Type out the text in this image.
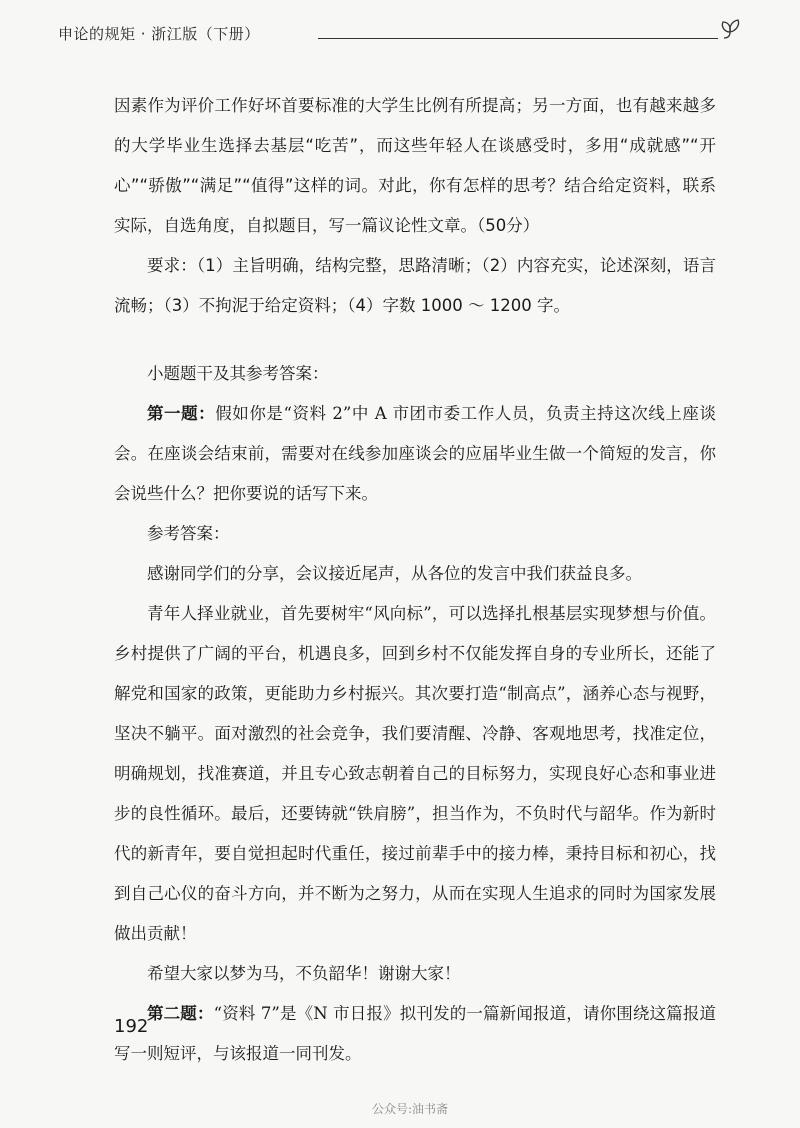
申论的规矩 · 浙江版（下册）

因素作为评价工作好坏首要标准的大学生比例有所提高；另一方面，也有越来越多的大学毕业生选择去基层“吃苦”，而这些年轻人在谈感受时，多用“成就感”“开心”“骄傲”“满足”“值得”这样的词。对此，你有怎样的思考？结合给定资料，联系实际，自选角度，自拟题目，写一篇议论性文章。（50分）

要求：（1）主旨明确，结构完整，思路清晰；（2）内容充实，论述深刻，语言流畅；（3）不拘泥于给定资料；（4）字数 1000 ～ 1200 字。

小题题干及其参考答案：

第一题：假如你是“资料 2”中 A 市团市委工作人员，负责主持这次线上座谈会。在座谈会结束前，需要对在线参加座谈会的应届毕业生做一个简短的发言，你会说些什么？把你要说的话写下来。

参考答案：

感谢同学们的分享，会议接近尾声，从各位的发言中我们获益良多。

青年人择业就业，首先要树牢“风向标”，可以选择扎根基层实现梦想与价值。乡村提供了广阔的平台，机遇良多，回到乡村不仅能发挥自身的专业所长，还能了解党和国家的政策，更能助力乡村振兴。其次要打造“制高点”，涵养心态与视野，坚决不躺平。面对激烈的社会竞争，我们要清醒、冷静、客观地思考，找准定位，明确规划，找准赛道，并且专心致志朝着自己的目标努力，实现良好心态和事业进步的良性循环。最后，还要铸就“铁肩膀”，担当作为，不负时代与韶华。作为新时代的新青年，要自觉担起时代重任，接过前辈手中的接力棒，秉持目标和初心，找到自己心仪的奋斗方向，并不断为之努力，从而在实现人生追求的同时为国家发展做出贡献！

希望大家以梦为马，不负韶华！谢谢大家！

第二题：“资料 7”是《N 市日报》拟刊发的一篇新闻报道，请你围绕这篇报道写一则短评，与该报道一同刊发。

192
公众号:油书斋
